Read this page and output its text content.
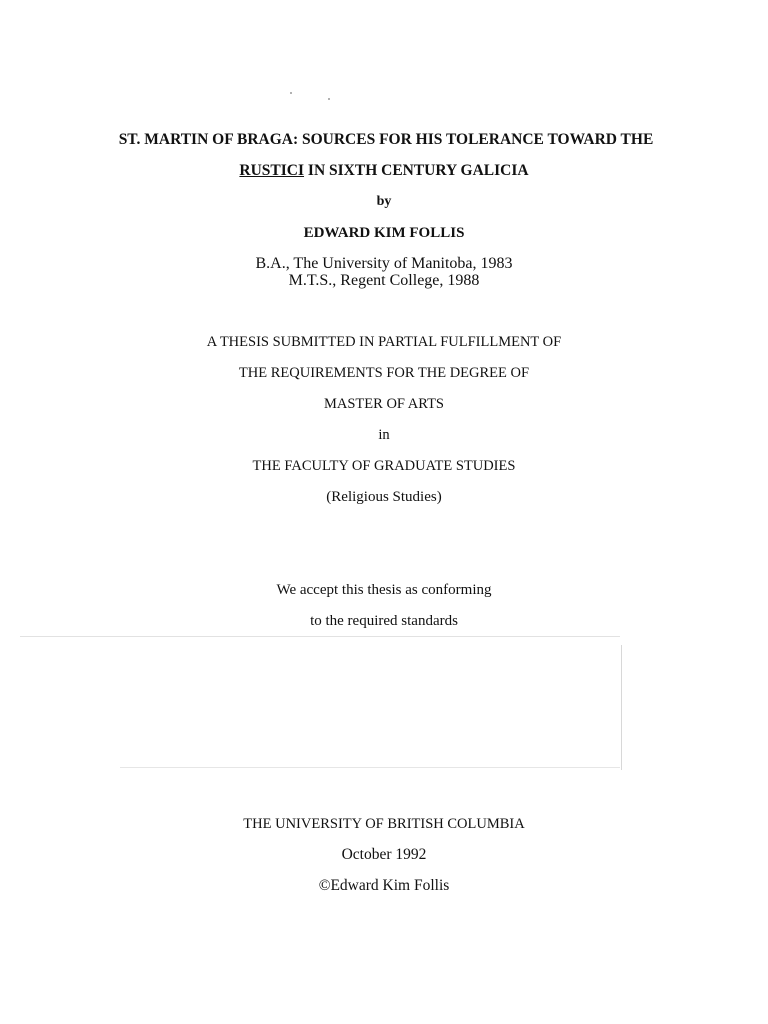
ST. MARTIN OF BRAGA: SOURCES FOR HIS TOLERANCE TOWARD THE
RUSTICI IN SIXTH CENTURY GALICIA
by
EDWARD KIM FOLLIS
B.A., The University of Manitoba, 1983
M.T.S., Regent College, 1988
A THESIS SUBMITTED IN PARTIAL FULFILLMENT OF
THE REQUIREMENTS FOR THE DEGREE OF
MASTER OF ARTS
in
THE FACULTY OF GRADUATE STUDIES
(Religious Studies)
We accept this thesis as conforming
to the required standards
THE UNIVERSITY OF BRITISH COLUMBIA
October 1992
©Edward Kim Follis
